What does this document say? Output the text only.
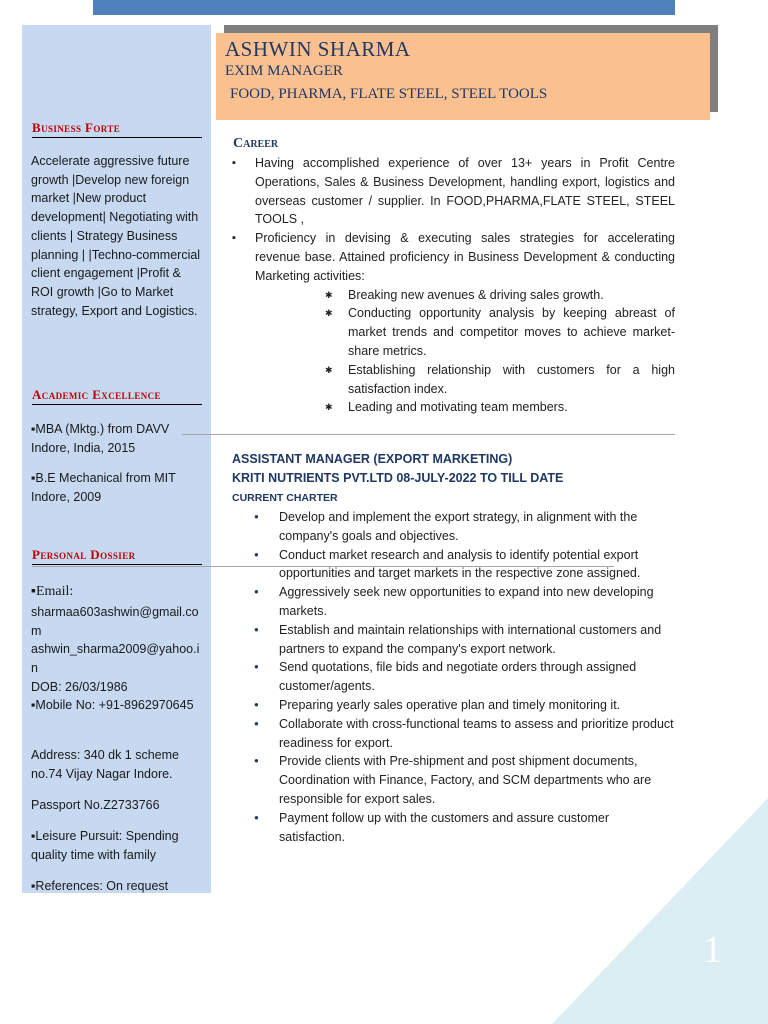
ASHWIN SHARMA
EXIM MANAGER
FOOD, PHARMA, FLATE STEEL, STEEL TOOLS
Business Forte
Accelerate aggressive future growth |Develop new foreign market |New product development| Negotiating with clients | Strategy Business planning | |Techno-commercial client engagement |Profit & ROI growth |Go to Market strategy, Export and Logistics.
Academic Excellence
▪MBA (Mktg.) from DAVV Indore, India, 2015
▪B.E Mechanical from MIT Indore, 2009
Personal Dossier
▪Email:
sharmaa603ashwin@gmail.com
ashwin_sharma2009@yahoo.in
DOB: 26/03/1986
▪Mobile No: +91-8962970645
Address: 340 dk 1 scheme no.74 Vijay Nagar Indore.
Passport No.Z2733766
▪Leisure Pursuit: Spending quality time with family
▪References: On request
Career
▪ Having accomplished experience of over 13+ years in Profit Centre Operations, Sales & Business Development, handling export, logistics and overseas customer / supplier. In FOOD,PHARMA,FLATE STEEL, STEEL TOOLS ,
▪ Proficiency in devising & executing sales strategies for accelerating revenue base. Attained proficiency in Business Development & conducting Marketing activities:
✱ Breaking new avenues & driving sales growth.
✱ Conducting opportunity analysis by keeping abreast of market trends and competitor moves to achieve market-share metrics.
✱ Establishing relationship with customers for a high satisfaction index.
✱ Leading and motivating team members.
ASSISTANT MANAGER (EXPORT MARKETING)
KRITI NUTRIENTS PVT.LTD 08-JULY-2022 TO TILL DATE
CURRENT CHARTER
● Develop and implement the export strategy, in alignment with the company's goals and objectives.
● Conduct market research and analysis to identify potential export opportunities and target markets in the respective zone assigned.
● Aggressively seek new opportunities to expand into new developing markets.
● Establish and maintain relationships with international customers and partners to expand the company's export network.
● Send quotations, file bids and negotiate orders through assigned customer/agents.
● Preparing yearly sales operative plan and timely monitoring it.
● Collaborate with cross-functional teams to assess and prioritize product readiness for export.
● Provide clients with Pre-shipment and post shipment documents, Coordination with Finance, Factory, and SCM departments who are responsible for export sales.
● Payment follow up with the customers and assure customer satisfaction.
1
